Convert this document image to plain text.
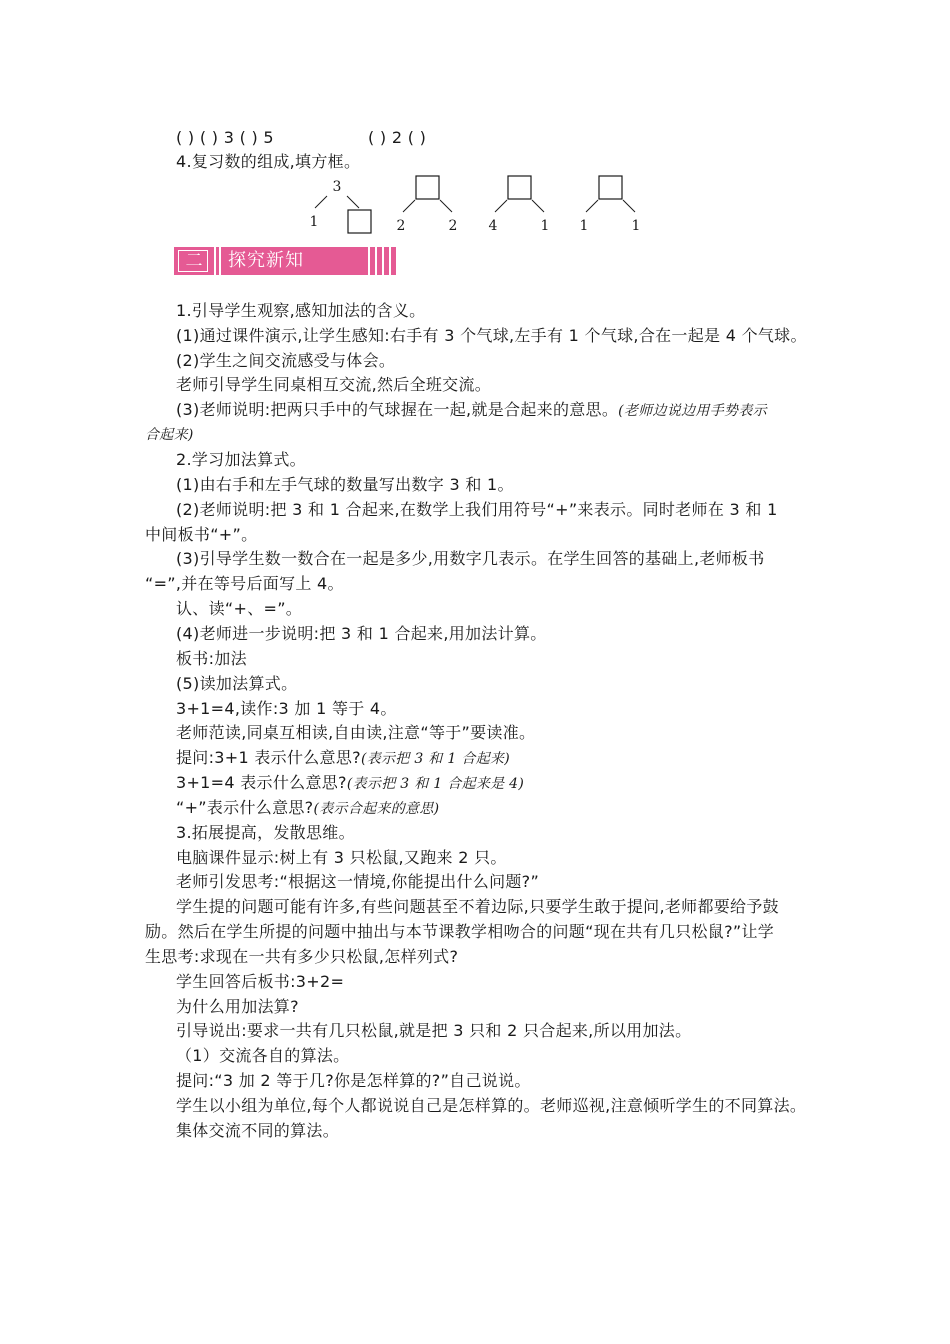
( ) ( ) 3 ( ) 5	( ) 2 ( )
4.复习数的组成,填方框。
3
1	2	2 4	1 1	1
二	探究新知
1.引导学生观察,感知加法的含义。
(1)通过课件演示,让学生感知:右手有 3 个气球,左手有 1 个气球,合在一起是 4 个气球。
(2)学生之间交流感受与体会。
老师引导学生同桌相互交流,然后全班交流。
(3)老师说明:把两只手中的气球握在一起,就是合起来的意思。(老师边说边用手势表示
合起来)
2.学习加法算式。
(1)由右手和左手气球的数量写出数字 3 和 1。
(2)老师说明:把 3 和 1 合起来,在数学上我们用符号“+”来表示。同时老师在 3 和 1
中间板书“+”。
(3)引导学生数一数合在一起是多少,用数字几表示。在学生回答的基础上,老师板书
“=”,并在等号后面写上 4。
认、读“+、=”。
(4)老师进一步说明:把 3 和 1 合起来,用加法计算。
板书:加法
(5)读加法算式。
3+1=4,读作:3 加 1 等于 4。
老师范读,同桌互相读,自由读,注意“等于”要读准。
提问:3+1 表示什么意思?(表示把 3 和 1 合起来)
3+1=4 表示什么意思?(表示把 3 和 1 合起来是 4)
“+”表示什么意思?(表示合起来的意思)
3.拓展提高，发散思维。
电脑课件显示:树上有 3 只松鼠,又跑来 2 只。
老师引发思考:“根据这一情境,你能提出什么问题?”
学生提的问题可能有许多,有些问题甚至不着边际,只要学生敢于提问,老师都要给予鼓
励。然后在学生所提的问题中抽出与本节课教学相吻合的问题“现在共有几只松鼠?”让学
生思考:求现在一共有多少只松鼠,怎样列式?
学生回答后板书:3+2=
为什么用加法算?
引导说出:要求一共有几只松鼠,就是把 3 只和 2 只合起来,所以用加法。
（1）交流各自的算法。
提问:“3 加 2 等于几?你是怎样算的?”自己说说。
学生以小组为单位,每个人都说说自己是怎样算的。老师巡视,注意倾听学生的不同算法。
集体交流不同的算法。
